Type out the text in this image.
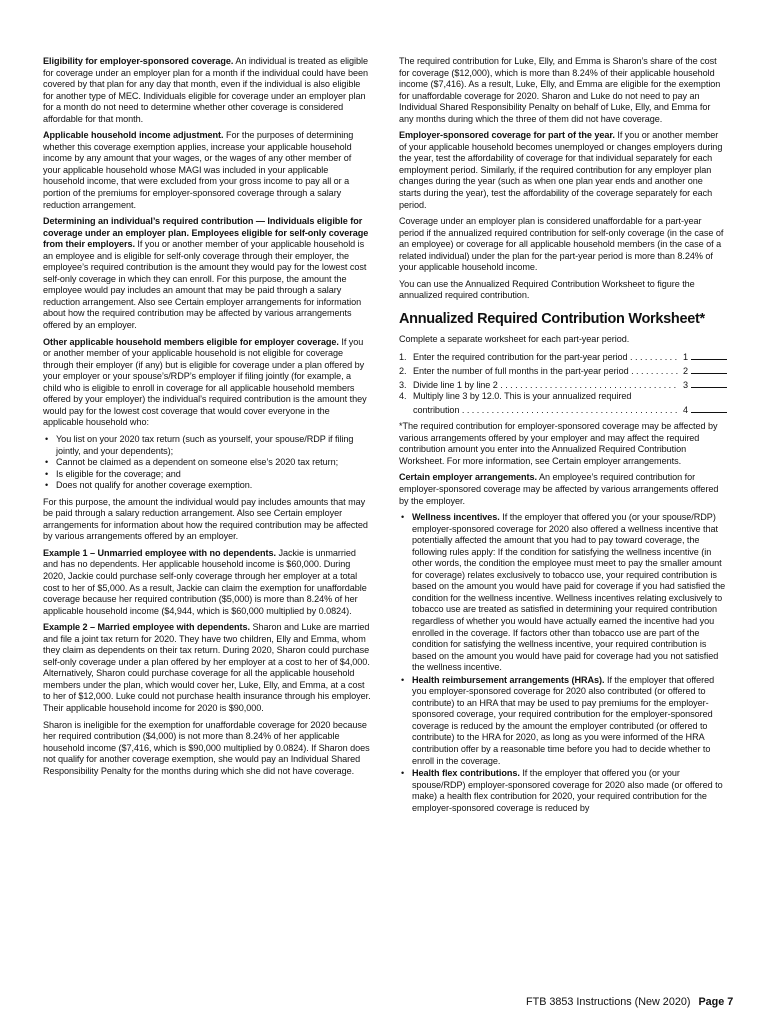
Eligibility for employer-sponsored coverage. An individual is treated as eligible for coverage under an employer plan for a month if the individual could have been covered by that plan for any day that month, even if the individual is also eligible for another type of MEC. Individuals eligible for coverage under an employer plan for a month do not need to determine whether other coverage is considered affordable for that month.

Applicable household income adjustment. For the purposes of determining whether this coverage exemption applies, increase your applicable household income by any amount that your wages, or the wages of any other member of your applicable household whose MAGI was included in your applicable household income, that were excluded from your gross income to pay all or a portion of the premiums for employer-sponsored coverage through a salary reduction arrangement.

Determining an individual’s required contribution — Individuals eligible for coverage under an employer plan. Employees eligible for self-only coverage from their employers. If you or another member of your applicable household is an employee and is eligible for self-only coverage through their employer, the employee’s required contribution is the amount they would pay for the lowest cost self-only coverage in which they can enroll. For this purpose, the amount the employee would pay includes an amount that may be paid through a salary reduction arrangement. Also see Certain employer arrangements for information about how the required contribution may be affected by various arrangements offered by an employer.

Other applicable household members eligible for employer coverage. If you or another member of your applicable household is not eligible for coverage through their employer (if any) but is eligible for coverage under a plan offered by your employer or your spouse’s/RDP’s employer if filing jointly (for example, a child who is eligible to enroll in coverage for all applicable household members offered by your employer) the individual’s required contribution is the amount they would pay for the lowest cost coverage that would cover everyone in the applicable household who:

• You list on your 2020 tax return (such as yourself, your spouse/RDP if filing jointly, and your dependents);
• Cannot be claimed as a dependent on someone else’s 2020 tax return;
• Is eligible for the coverage; and
• Does not qualify for another coverage exemption.

For this purpose, the amount the individual would pay includes amounts that may be paid through a salary reduction arrangement. Also see Certain employer arrangements for information about how the required contribution may be affected by various arrangements offered by an employer.

Example 1 – Unmarried employee with no dependents. Jackie is unmarried and has no dependents. Her applicable household income is $60,000. During 2020, Jackie could purchase self-only coverage through her employer at a total cost to her of $5,000. As a result, Jackie can claim the exemption for unaffordable coverage because her required contribution ($5,000) is more than 8.24% of her applicable household income ($4,944, which is $60,000 multiplied by 0.0824).

Example 2 – Married employee with dependents. Sharon and Luke are married and file a joint tax return for 2020. They have two children, Elly and Emma, whom they claim as dependents on their tax return. During 2020, Sharon could purchase self-only coverage under a plan offered by her employer at a cost to her of $4,000. Alternatively, Sharon could purchase coverage for all the applicable household members under the plan, which would cover her, Luke, Elly, and Emma, at a cost to her of $12,000. Luke could not purchase health insurance through his employer. Their applicable household income for 2020 is $90,000.

Sharon is ineligible for the exemption for unaffordable coverage for 2020 because her required contribution ($4,000) is not more than 8.24% of her applicable household income ($7,416, which is $90,000 multiplied by 0.0824). If Sharon does not qualify for another coverage exemption, she would pay an Individual Shared Responsibility Penalty for the months during which she did not have coverage.

The required contribution for Luke, Elly, and Emma is Sharon’s share of the cost for coverage ($12,000), which is more than 8.24% of their applicable household income ($7,416). As a result, Luke, Elly, and Emma are eligible for the exemption for unaffordable coverage for 2020. Sharon and Luke do not need to pay an Individual Shared Responsibility Penalty on behalf of Luke, Elly, and Emma for any months during which the three of them did not have coverage.

Employer-sponsored coverage for part of the year. If you or another member of your applicable household becomes unemployed or changes employers during the year, test the affordability of coverage for that individual separately for each employment period. Similarly, if the required contribution for any employer plan changes during the year (such as when one plan year ends and another one starts during the year), test the affordability of the coverage separately for each period.

Coverage under an employer plan is considered unaffordable for a part-year period if the annualized required contribution for self-only coverage (in the case of an employee) or coverage for all applicable household members (in the case of a related individual) under the plan for the part-year period is more than 8.24% of your applicable household income.

You can use the Annualized Required Contribution Worksheet to figure the annualized required contribution.

Annualized Required Contribution Worksheet*

Complete a separate worksheet for each part-year period.

1. Enter the required contribution for the part-year period . . .	1
2. Enter the number of full months in the part-year period . . .	2
3. Divide line 1 by line 2 . . .	3
4. Multiply line 3 by 12.0. This is your annualized required
contribution . . .	4

*The required contribution for employer-sponsored coverage may be affected by various arrangements offered by your employer and may affect the required contribution amount you enter into the Annualized Required Contribution Worksheet. For more information, see Certain employer arrangements.

Certain employer arrangements. An employee’s required contribution for employer-sponsored coverage may be affected by various arrangements offered by the employer.

• Wellness incentives. If the employer that offered you (or your spouse/RDP) employer-sponsored coverage for 2020 also offered a wellness incentive that potentially affected the amount that you had to pay toward coverage, the following rules apply: If the condition for satisfying the wellness incentive (in other words, the condition the employee must meet to pay the smaller amount for coverage) relates exclusively to tobacco use, your required contribution is based on the amount you would have paid for coverage if you had satisfied the condition for the wellness incentive. Wellness incentives relating exclusively to tobacco use are treated as satisfied in determining your required contribution regardless of whether you would have actually earned the incentive had you enrolled in the coverage. If factors other than tobacco use are part of the condition for satisfying the wellness incentive, your required contribution is based on the amount you would have paid for coverage had you not satisfied the wellness incentive.
• Health reimbursement arrangements (HRAs). If the employer that offered you employer-sponsored coverage for 2020 also contributed (or offered to contribute) to an HRA that may be used to pay premiums for the employer-sponsored coverage, your required contribution for the employer-sponsored coverage is reduced by the amount the employer contributed (or offered to contribute) to the HRA for 2020, as long as you were informed of the HRA contribution offer by a reasonable time before you had to decide whether to enroll in the coverage.
• Health flex contributions. If the employer that offered you (or your spouse/RDP) employer-sponsored coverage for 2020 also made (or offered to make) a health flex contribution for 2020, your required contribution for the employer-sponsored coverage is reduced by
FTB 3853 Instructions (New 2020) Page 7
